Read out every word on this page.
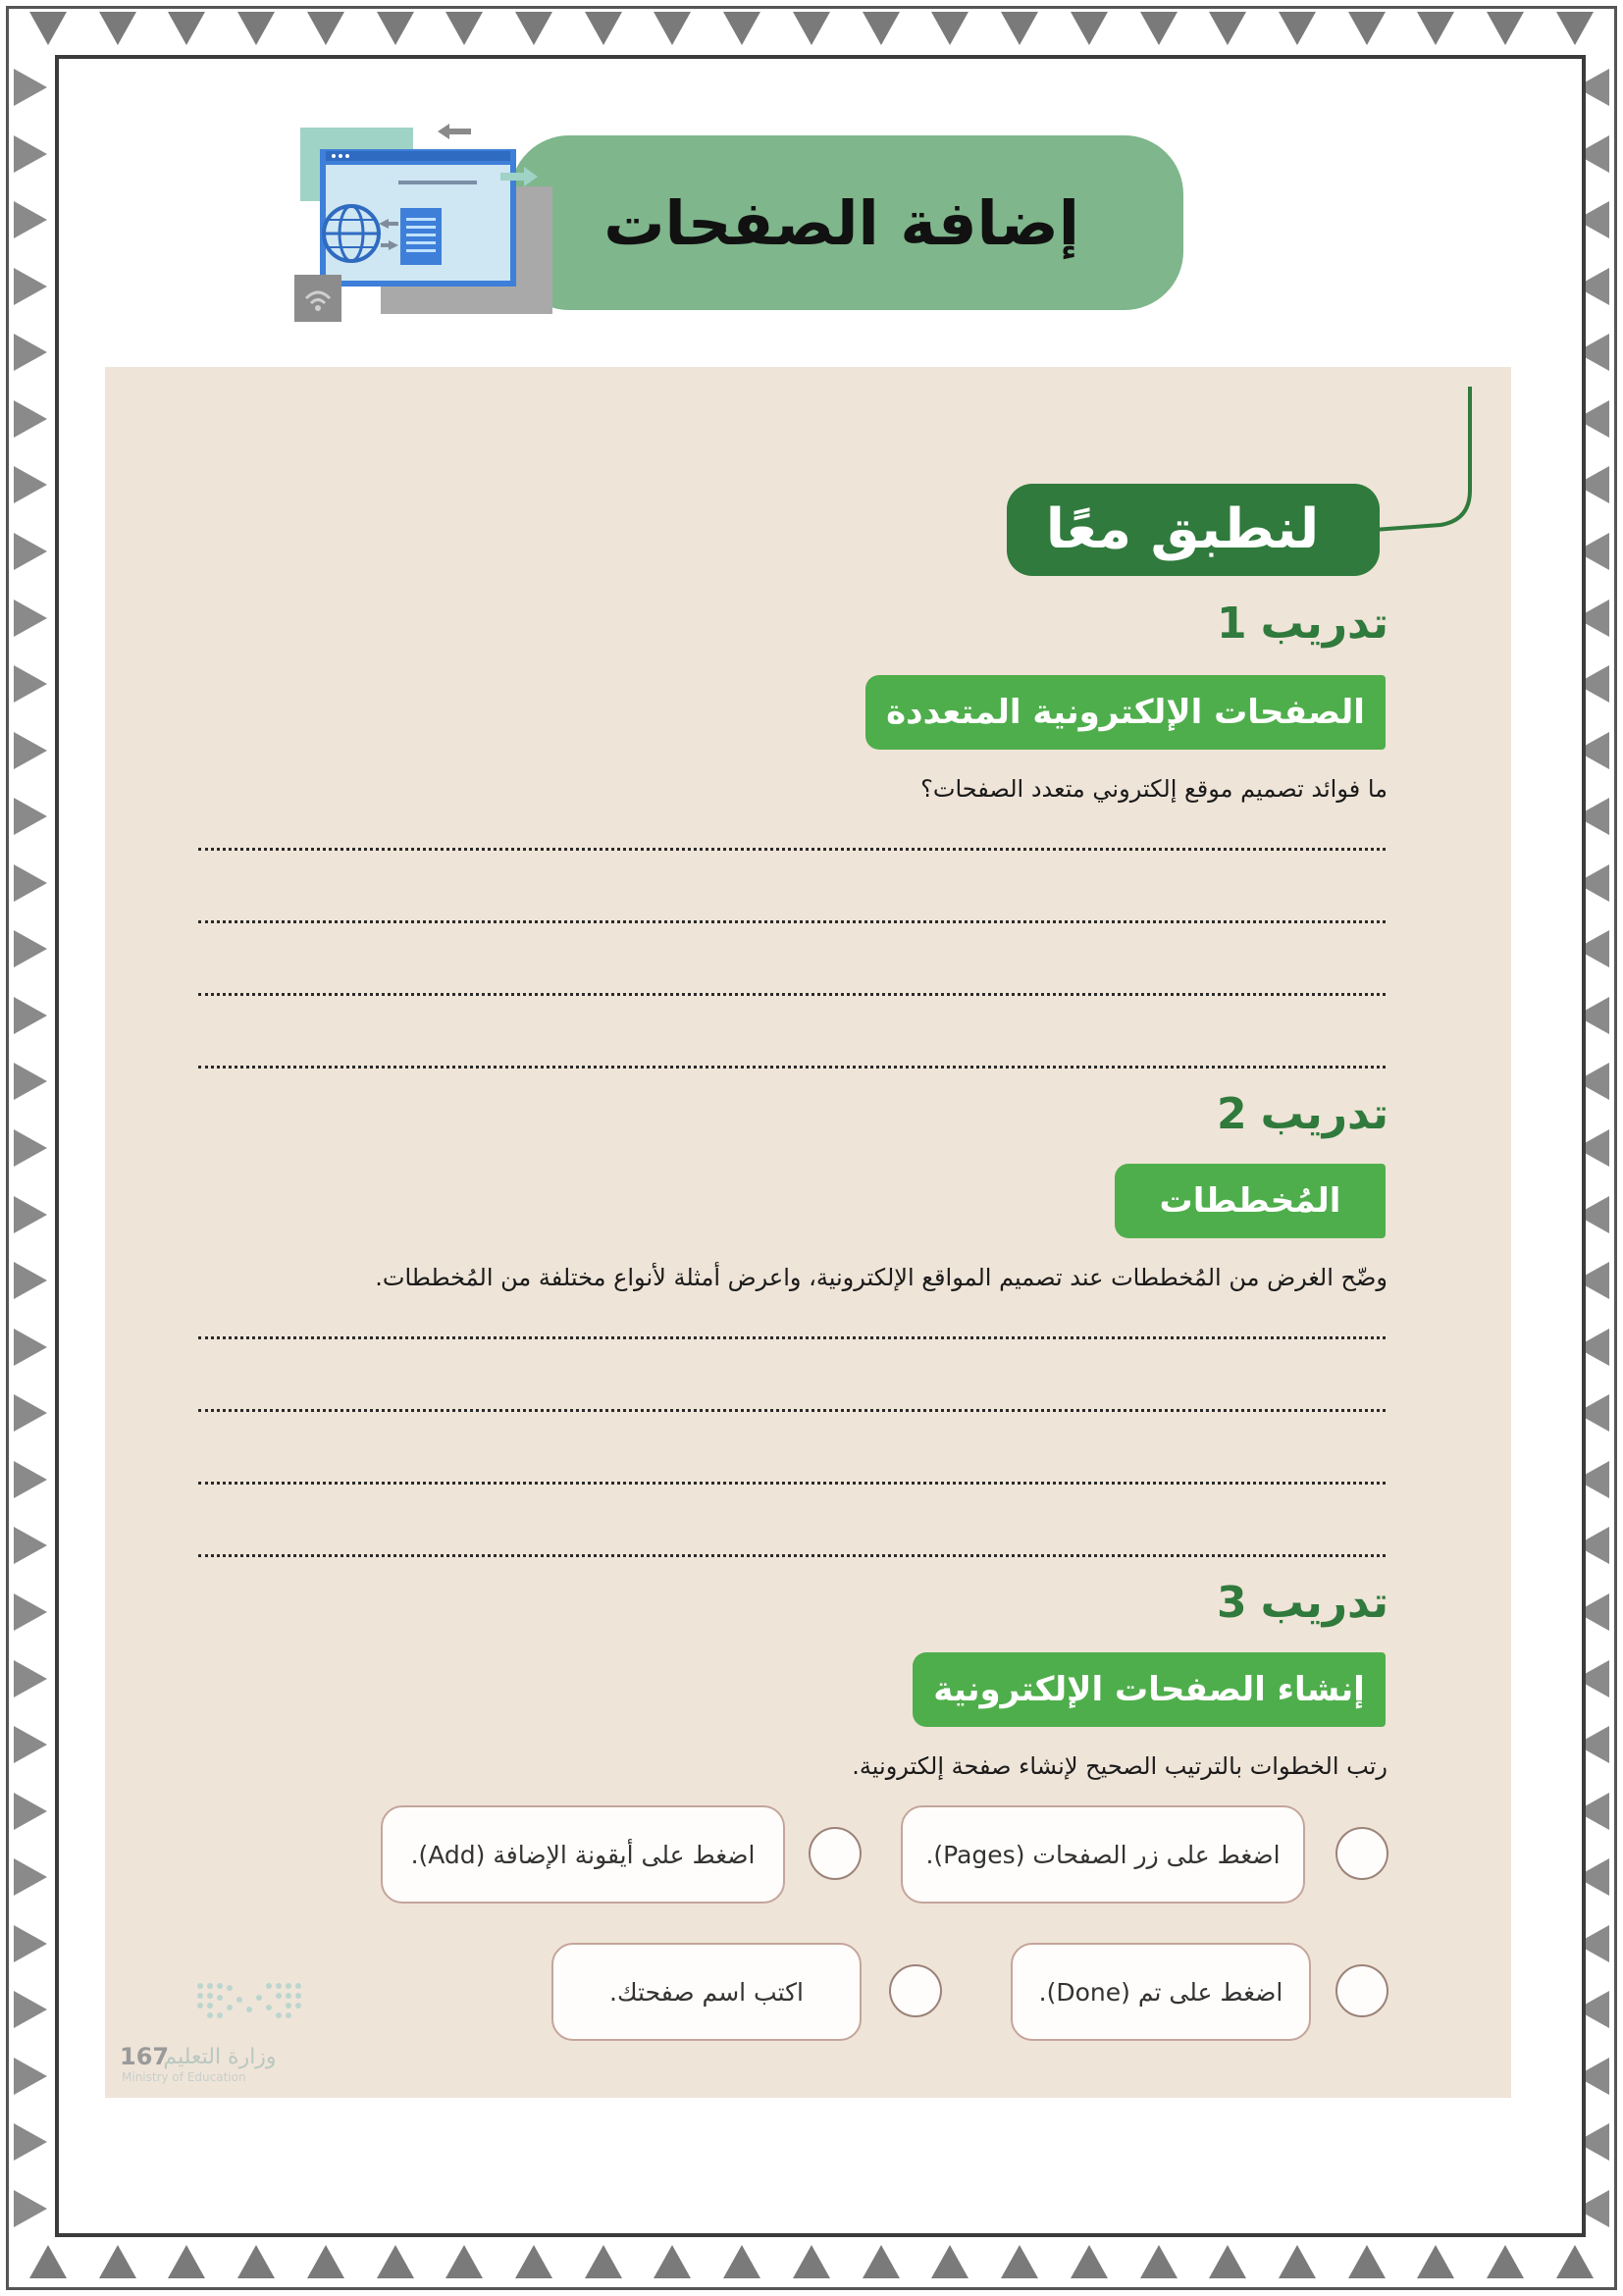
إضافة الصفحات
لنطبق معًا
تدريب1
الصفحات الإلكترونية المتعددة
ما فوائد تصميم موقع إلكتروني متعدد الصفحات؟
تدريب2
المُخططات
وضّح الغرض من المُخططات عند تصميم المواقع الإلكترونية، واعرض أمثلة لأنواع مختلفة من المُخططات.
تدريب3
إنشاء الصفحات الإلكترونية
رتب الخطوات بالترتيب الصحيح لإنشاء صفحة إلكترونية.
اضغط على زر الصفحات (Pages).
اضغط على أيقونة الإضافة (Add).
اضغط على تم (Done).
اكتب اسم صفحتك.
وزارة التعليم
Ministry of Education
167
